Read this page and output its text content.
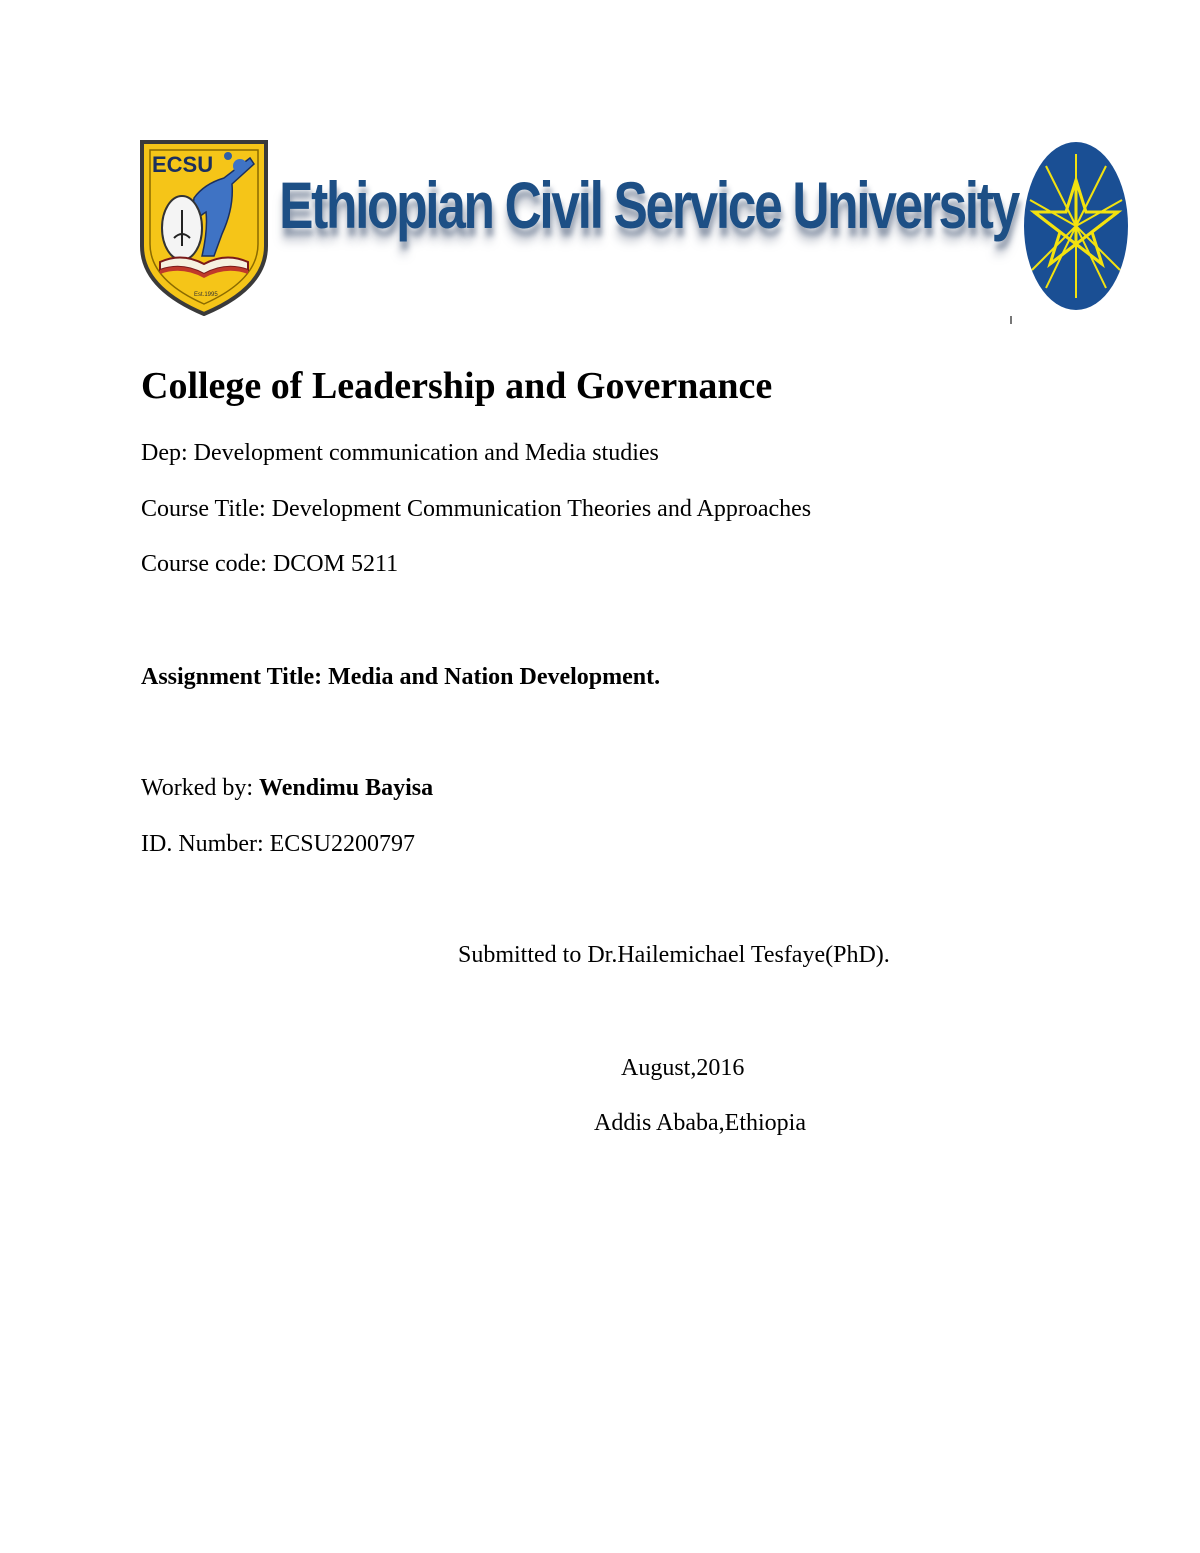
ECSU
Est.1995
Ethiopian Civil Service University
College of Leadership and Governance
Dep: Development communication and Media studies
Course Title: Development Communication Theories and Approaches
Course code: DCOM 5211
Assignment Title: Media and Nation Development.
Worked by: Wendimu Bayisa
ID. Number: ECSU2200797
Submitted to Dr.Hailemichael Tesfaye(PhD).
August,2016
Addis Ababa,Ethiopia
